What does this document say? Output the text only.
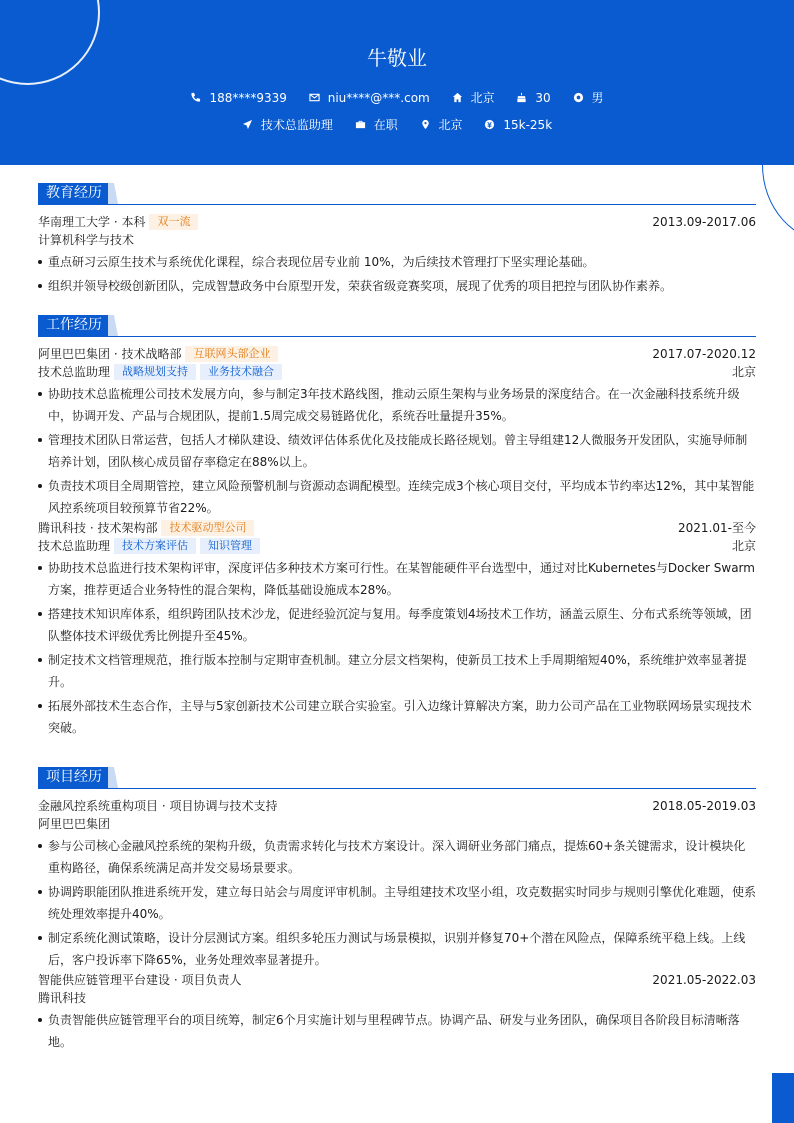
牛敬业
188****9339
	niu****@***.com
	北京
	30
	男
技术总监助理
	在职
	北京
	15k-25k
教育经历
华南理工大学 · 本科 双一流	2013.09-2017.06
计算机科学与技术
重点研习云原生技术与系统优化课程，综合表现位居专业前 10%，为后续技术管理打下坚实理论基础。
组织并领导校级创新团队，完成智慧政务中台原型开发，荣获省级竞赛奖项，展现了优秀的项目把控与团队协作素养。
工作经历
阿里巴巴集团 · 技术战略部 互联网头部企业	2017.07-2020.12
技术总监助理 战略规划支持 业务技术融合	北京
协助技术总监梳理公司技术发展方向，参与制定3年技术路线图，推动云原生架构与业务场景的深度结合。在一次金融科技系统升级中，协调开发、产品与合规团队，提前1.5周完成交易链路优化，系统吞吐量提升35%。
管理技术团队日常运营，包括人才梯队建设、绩效评估体系优化及技能成长路径规划。曾主导组建12人微服务开发团队，实施导师制培养计划，团队核心成员留存率稳定在88%以上。
负责技术项目全周期管控，建立风险预警机制与资源动态调配模型。连续完成3个核心项目交付，平均成本节约率达12%，其中某智能风控系统项目较预算节省22%。
腾讯科技 · 技术架构部 技术驱动型公司	2021.01-至今
技术总监助理 技术方案评估 知识管理	北京
协助技术总监进行技术架构评审，深度评估多种技术方案可行性。在某智能硬件平台选型中，通过对比Kubernetes与Docker Swarm方案，推荐更适合业务特性的混合架构，降低基础设施成本28%。
搭建技术知识库体系，组织跨团队技术沙龙，促进经验沉淀与复用。每季度策划4场技术工作坊，涵盖云原生、分布式系统等领域，团队整体技术评级优秀比例提升至45%。
制定技术文档管理规范，推行版本控制与定期审查机制。建立分层文档架构，使新员工技术上手周期缩短40%，系统维护效率显著提升。
拓展外部技术生态合作，主导与5家创新技术公司建立联合实验室。引入边缘计算解决方案，助力公司产品在工业物联网场景实现技术突破。
项目经历
金融风控系统重构项目 · 项目协调与技术支持	2018.05-2019.03
阿里巴巴集团
参与公司核心金融风控系统的架构升级，负责需求转化与技术方案设计。深入调研业务部门痛点，提炼60+条关键需求，设计模块化重构路径，确保系统满足高并发交易场景要求。
协调跨职能团队推进系统开发，建立每日站会与周度评审机制。主导组建技术攻坚小组，攻克数据实时同步与规则引擎优化难题，使系统处理效率提升40%。
制定系统化测试策略，设计分层测试方案。组织多轮压力测试与场景模拟，识别并修复70+个潜在风险点，保障系统平稳上线。上线后，客户投诉率下降65%，业务处理效率显著提升。
智能供应链管理平台建设 · 项目负责人	2021.05-2022.03
腾讯科技
负责智能供应链管理平台的项目统筹，制定6个月实施计划与里程碑节点。协调产品、研发与业务团队，确保项目各阶段目标清晰落地。
